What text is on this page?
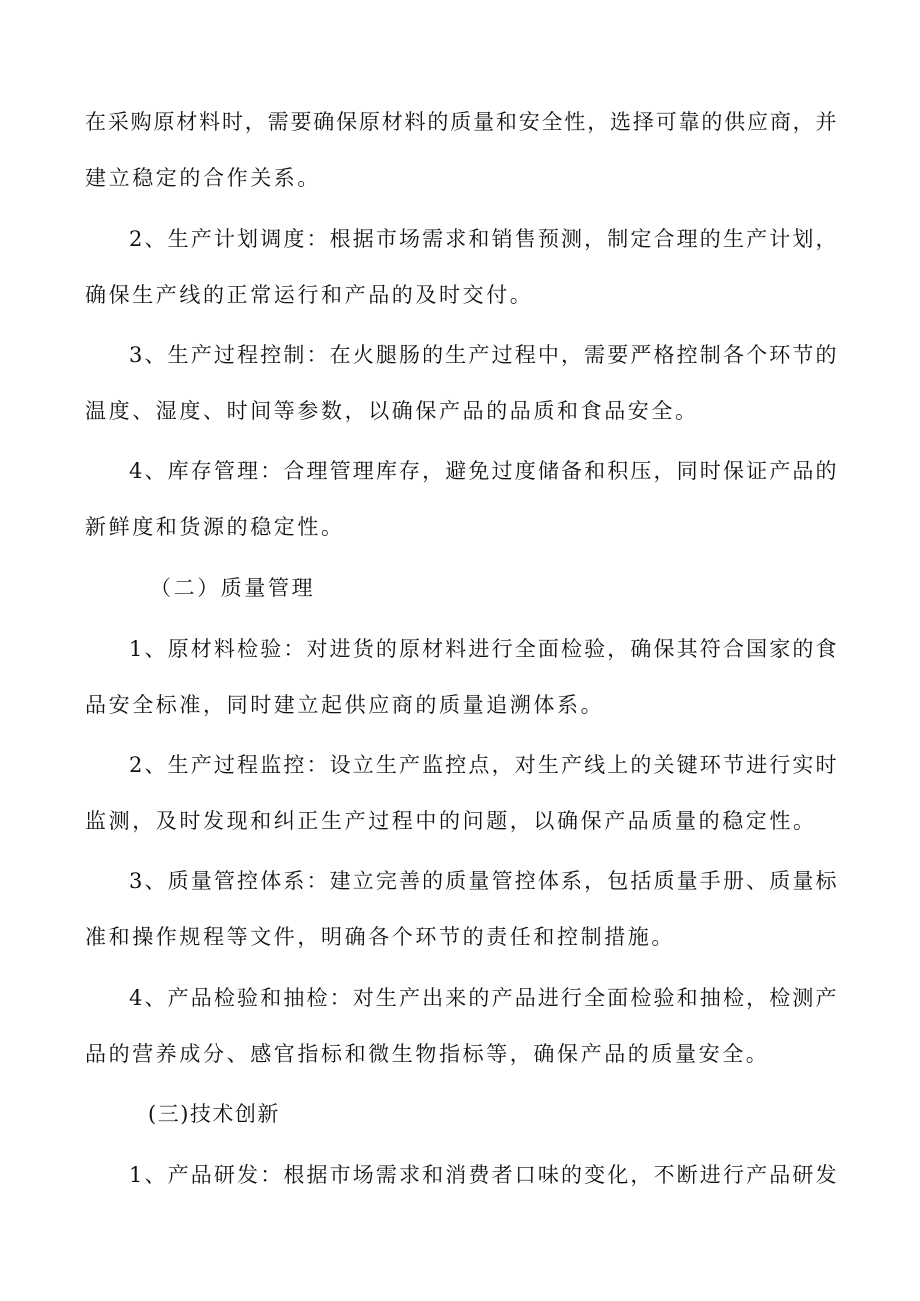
在采购原材料时，需要确保原材料的质量和安全性，选择可靠的供应商，并
建立稳定的合作关系。
2、生产计划调度：根据市场需求和销售预测，制定合理的生产计划，
确保生产线的正常运行和产品的及时交付。
3、生产过程控制：在火腿肠的生产过程中，需要严格控制各个环节的
温度、湿度、时间等参数，以确保产品的品质和食品安全。
4、库存管理：合理管理库存，避免过度储备和积压，同时保证产品的
新鲜度和货源的稳定性。
（二）质量管理
1、原材料检验：对进货的原材料进行全面检验，确保其符合国家的食
品安全标准，同时建立起供应商的质量追溯体系。
2、生产过程监控：设立生产监控点，对生产线上的关键环节进行实时
监测，及时发现和纠正生产过程中的问题，以确保产品质量的稳定性。
3、质量管控体系：建立完善的质量管控体系，包括质量手册、质量标
准和操作规程等文件，明确各个环节的责任和控制措施。
4、产品检验和抽检：对生产出来的产品进行全面检验和抽检，检测产
品的营养成分、感官指标和微生物指标等，确保产品的质量安全。
(三)技术创新
1、产品研发：根据市场需求和消费者口味的变化，不断进行产品研发
